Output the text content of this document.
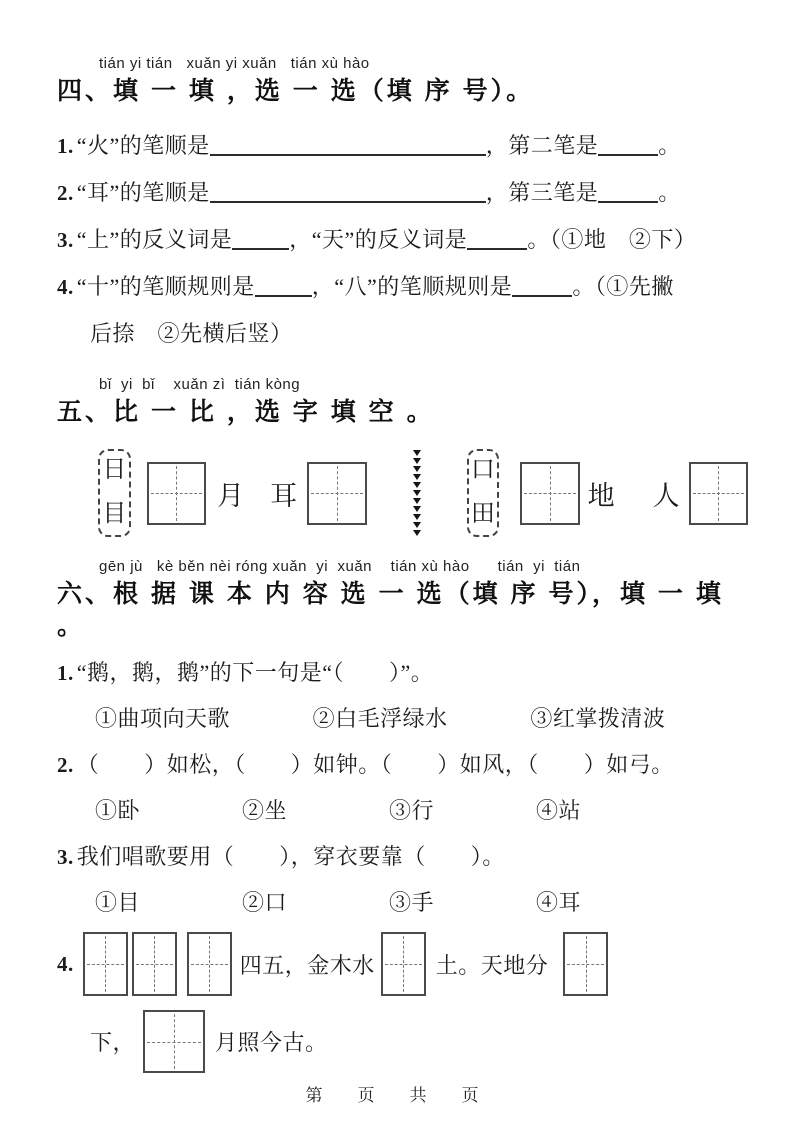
tián yi tián   xuǎn yi xuǎn   tián xù hào
四、填 一 填 ，选 一 选（填 序 号）。

1. “火”的笔顺是	，第二笔是	。

2. “耳”的笔顺是	，第三笔是	。

3. “上”的反义词是	，“天”的反义词是	。（①地　②下）

4. “十”的笔顺规则是	，“八”的笔顺规则是	。（①先撇

后捺　②先横后竖）

bǐ  yi  bǐ    xuǎn zì  tián kòng
五、比 一 比 ，选 字 填 空 。
日
目
月 耳
口
田
地 人
gēn jù   kè běn nèi róng xuǎn  yi  xuǎn    tián xù hào      tián  yi  tián
六、根 据 课 本 内 容 选 一 选（填 序 号），填 一 填 。

1. “鹅，鹅，鹅”的下一句是“（　　）”。

①曲项向天歌	②白毛浮绿水	③红掌拨清波

2. （　　）如松，（　　）如钟。（　　）如风，（　　）如弓。

①卧	②坐	③行	④站

3. 我们唱歌要用（　　），穿衣要靠（　　）。

①目	②口	③手	④耳
4.	四五，金木水	土。天地分
下，	月照今古。
第　页　共　页
